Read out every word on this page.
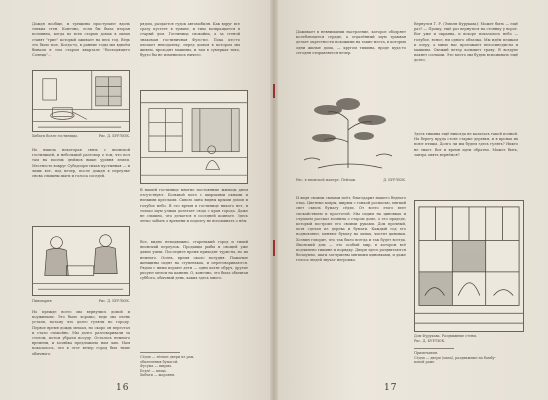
Дождя вообще, и трещины проступают вдоль тонких стен. Конечно, если бы была вторая половина, когда во всех старых домах в окнах ставят "грие" который оживает на весь год. Ведь это было мое. Когда-то, в ранние годы мы вдвоём бывали в том старом квартале "Восходящего Солнца"...
рядом, раздается гудок автомобиля. Как вдруг все сразу пустеет в тумане, и тихо возвращается в старый дом. Гостиница спокойна, а за стеной знакомая гостиничная Фуэо-мэ. Пока кто-то хлопает неподалеку, перед домом в котором мы живем, проходят машины, и там в сумерках тихо, будто бы не изменилось ничего.
Хибати Возле гостиницы.	Рис. Д. БУРЛЮК.
Но вышла некоторая связь с японской гостиницей, и небольшой разговор о том, что пол там на восемь дюймов выше уровня земли. Местность вокруг Субадзори тихая пустынная — и лишь вот, под вечер, после дождя в переулке снова слышны шаги и голоса соседей.
В нашей гостинице многие постоянные жильцы днем отсутствуют. Большой холл с широкими окнами и низкими креслами. Сквозь окна видны крыши домов и голубое небо. В это время в гостинице никого нет, и только шум улицы долетает сюда с края города. Даже не слышно, что делается в соседней комнате. Здесь легко забыть о времени и подолгу не вспоминать о нём.
Пивоварня	Рис. Д. БУРЛЮК.
Все, видно неподвижно, старенький город и тихий японский переулок. Продавцы рыбы и овощей уже давно ушли. Последнее время приходят туристы, но их немного. Осень, время около полудня. Пожилые женщины сидят на ступеньках, и переговариваются. Рядом с ними играют дети — одни катят обруч, другие рисуют мелом на камнях. О, конечно, это была обычная суббота, обычный день, каких здесь много.
Но прежде всего мы вернулись домой и поужинали. Это было хорошо, ведь мы очень устали, потому что долго гуляли по городу. Первое время дождь мешал, но скоро он перестал и стало спокойно. Мы долго разговаривали за столом, потом убрали посуду. Осталось немного времени, и хозяйка предложила нам чаю. Нам показалось, что в этот вечер город был тише обычного.
Сёдзи — лёгкие двери из рам,
обклеенных бумагой.
Фусума — ширма.
Бедзё — пища.
Хибати — жаровня.
16
Доживает в невнимании настроение, которое ободряет колеблющееся сердце, а отдалённый шум трамвая делает окрестности похожими на такие места, в которых одни жилые дома, — кругом тишина, вроде куда-то сегодня отправляется вечер.
Вернулся Г. Р. (Эмиля Фурукава): Может быть — ещё раз? — Прошу, ещё раз вернуться на стоянку у ворот. Вот уже и окраина, и вскоре показалось небо — голубое, ясное, ни одного облачка. Мы идём пешком к озеру, а мимо нас проезжают велосипедисты и машины. Свежий ветер колышет траву. В воздухе пахнет соснами. Это место мы будем вспоминать ещё долго.
Рис. в японской манере. Пейзаж.	Д. БУРЛЮК.
Здесь тишина ещё никогда не казалась такой полной. На берегу пруда стоят старые деревья, и в кронах их поют птицы. Долго ли мы будем здесь гулять? Никто не знает. Вот и время идти обратно. Может быть, завтра опять вернёмся?
И видя своими сынами поёт, благодарит нашего бедного отца. Цветные ковры, ширмы с тонкой росписью, мягкий свет сквозь бумагу сёдзи. От всего этого веет спокойствием и простотой. Мы сидим на циновках и слушаем рассказ хозяина о старом доме, о его прадеде, который построил его своими руками. Дом прочный, хотя сделан из дерева и бумаги. Каждый год его подновляют, меняют бумагу на окнах, чистят циновки. Хозяин говорит, что так было всегда и так будет всегда. Японский дом — это особый мир, в котором всё подчинено тишине и порядку. Двери здесь раздвигаются бесшумно, шаги заглушены мягкими циновками, и даже голоса людей звучат негромко.
Дом Фурукава. Раздвижные стены.
Рис. Д. БУРЛЮК.
Примечания.
Сёдзи — двери (окна), раздвижные на бамбу-
ковой раме.
17
